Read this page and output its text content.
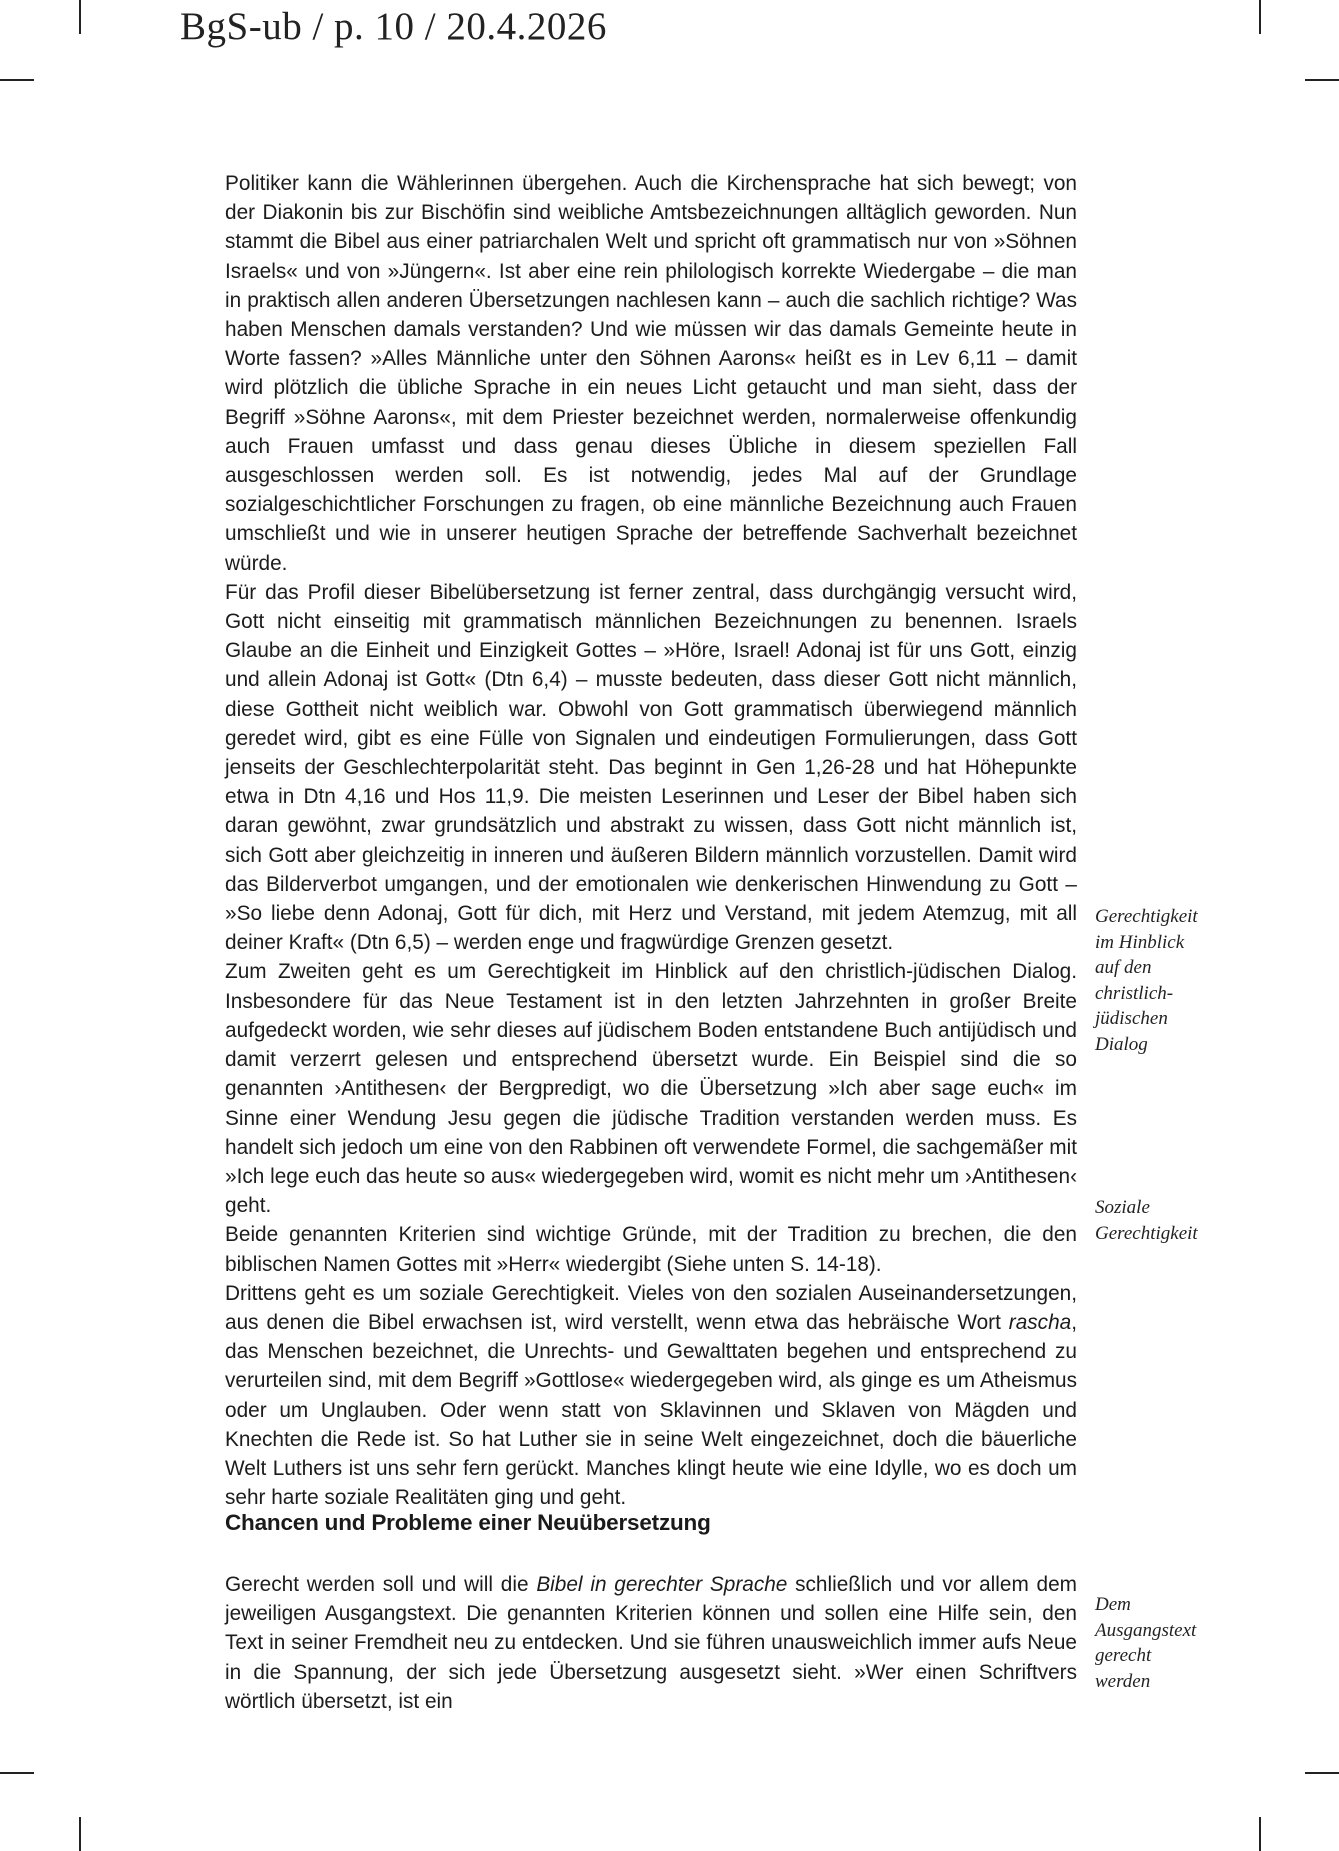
BgS-ub / p. 10 / 20.4.2026

Politiker kann die Wählerinnen übergehen. Auch die Kirchensprache hat sich bewegt; von der Diakonin bis zur Bischöfin sind weibliche Amtsbezeichnungen alltäglich geworden. Nun stammt die Bibel aus einer patriarchalen Welt und spricht oft grammatisch nur von »Söhnen Israels« und von »Jüngern«. Ist aber eine rein philologisch korrekte Wiedergabe – die man in praktisch allen anderen Übersetzungen nachlesen kann – auch die sachlich richtige? Was haben Menschen damals verstanden? Und wie müssen wir das damals Gemeinte heute in Worte fassen? »Alles Männliche unter den Söhnen Aarons« heißt es in Lev 6,11 – damit wird plötzlich die übliche Sprache in ein neues Licht getaucht und man sieht, dass der Begriff »Söhne Aarons«, mit dem Priester bezeichnet werden, normalerweise offenkundig auch Frauen umfasst und dass genau dieses Übliche in diesem speziellen Fall ausgeschlossen werden soll. Es ist notwendig, jedes Mal auf der Grundlage sozialgeschichtlicher Forschungen zu fragen, ob eine männliche Bezeichnung auch Frauen umschließt und wie in unserer heutigen Sprache der betreffende Sachverhalt bezeichnet würde.

Für das Profil dieser Bibelübersetzung ist ferner zentral, dass durchgängig versucht wird, Gott nicht einseitig mit grammatisch männlichen Bezeichnungen zu benennen. Israels Glaube an die Einheit und Einzigkeit Gottes – »Höre, Israel! Adonaj ist für uns Gott, einzig und allein Adonaj ist Gott« (Dtn 6,4) – musste bedeuten, dass dieser Gott nicht männlich, diese Gottheit nicht weiblich war. Obwohl von Gott grammatisch überwiegend männlich geredet wird, gibt es eine Fülle von Signalen und eindeutigen Formulierungen, dass Gott jenseits der Geschlechterpolarität steht. Das beginnt in Gen 1,26-28 und hat Höhepunkte etwa in Dtn 4,16 und Hos 11,9. Die meisten Leserinnen und Leser der Bibel haben sich daran gewöhnt, zwar grundsätzlich und abstrakt zu wissen, dass Gott nicht männlich ist, sich Gott aber gleichzeitig in inneren und äußeren Bildern männlich vorzustellen. Damit wird das Bilderverbot umgangen, und der emotionalen wie denkerischen Hinwendung zu Gott – »So liebe denn Adonaj, Gott für dich, mit Herz und Verstand, mit jedem Atemzug, mit all deiner Kraft« (Dtn 6,5) – werden enge und fragwürdige Grenzen gesetzt.

Zum Zweiten geht es um Gerechtigkeit im Hinblick auf den christlich-jüdischen Dialog. Insbesondere für das Neue Testament ist in den letzten Jahrzehnten in großer Breite aufgedeckt worden, wie sehr dieses auf jüdischem Boden entstandene Buch antijüdisch und damit verzerrt gelesen und entsprechend übersetzt wurde. Ein Beispiel sind die so genannten ›Antithesen‹ der Bergpredigt, wo die Übersetzung »Ich aber sage euch« im Sinne einer Wendung Jesu gegen die jüdische Tradition verstanden werden muss. Es handelt sich jedoch um eine von den Rabbinen oft verwendete Formel, die sachgemäßer mit »Ich lege euch das heute so aus« wiedergegeben wird, womit es nicht mehr um ›Antithesen‹ geht.

Beide genannten Kriterien sind wichtige Gründe, mit der Tradition zu brechen, die den biblischen Namen Gottes mit »Herr« wiedergibt (Siehe unten S. 14-18).

Drittens geht es um soziale Gerechtigkeit. Vieles von den sozialen Auseinandersetzungen, aus denen die Bibel erwachsen ist, wird verstellt, wenn etwa das hebräische Wort rascha, das Menschen bezeichnet, die Unrechts- und Gewalttaten begehen und entsprechend zu verurteilen sind, mit dem Begriff »Gottlose« wiedergegeben wird, als ginge es um Atheismus oder um Unglauben. Oder wenn statt von Sklavinnen und Sklaven von Mägden und Knechten die Rede ist. So hat Luther sie in seine Welt eingezeichnet, doch die bäuerliche Welt Luthers ist uns sehr fern gerückt. Manches klingt heute wie eine Idylle, wo es doch um sehr harte soziale Realitäten ging und geht.

Gerechtigkeit
im Hinblick
auf den
christlich-
jüdischen
Dialog
Soziale
Gerechtigkeit
Chancen und Probleme einer Neuübersetzung

Gerecht werden soll und will die Bibel in gerechter Sprache schließlich und vor allem dem jeweiligen Ausgangstext. Die genannten Kriterien können und sollen eine Hilfe sein, den Text in seiner Fremdheit neu zu entdecken. Und sie führen unausweichlich immer aufs Neue in die Spannung, der sich jede Übersetzung ausgesetzt sieht. »Wer einen Schriftvers wörtlich übersetzt, ist ein

Dem
Ausgangstext
gerecht
werden
